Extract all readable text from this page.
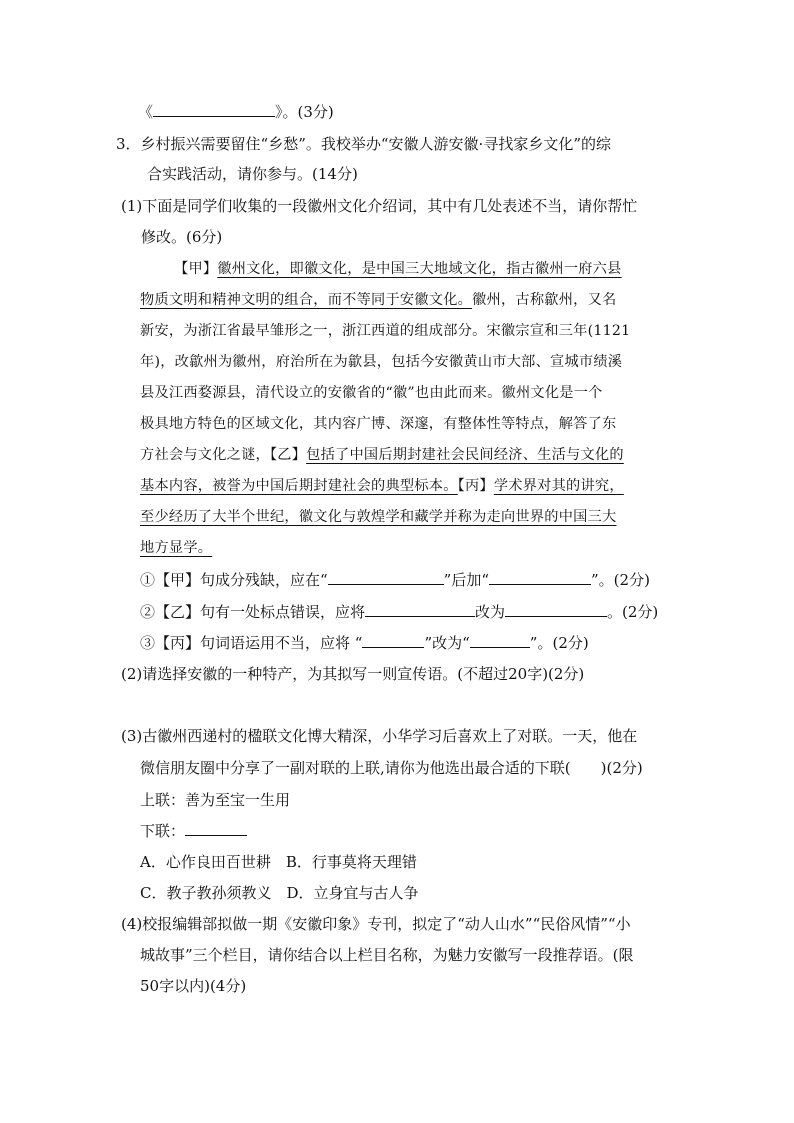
《	》。(3分)
3．乡村振兴需要留住“乡愁”。我校举办“安徽人游安徽·寻找家乡文化”的综
合实践活动，请你参与。(14分)
(1)下面是同学们收集的一段徽州文化介绍词，其中有几处表述不当，请你帮忙
修改。(6分)
【甲】徽州文化，即徽文化，是中国三大地域文化，指古徽州一府六县
物质文明和精神文明的组合，而不等同于安徽文化。徽州，古称歙州，又名
新安，为浙江省最早雏形之一，浙江西道的组成部分。宋徽宗宣和三年(1121
年)，改歙州为徽州，府治所在为歙县，包括今安徽黄山市大部、宣城市绩溪
县及江西婺源县，清代设立的安徽省的“徽”也由此而来。徽州文化是一个
极具地方特色的区域文化，其内容广博、深邃，有整体性等特点，解答了东
方社会与文化之谜，【乙】包括了中国后期封建社会民间经济、生活与文化的
基本内容，被誉为中国后期封建社会的典型标本。【丙】学术界对其的讲究，
至少经历了大半个世纪，徽文化与敦煌学和藏学并称为走向世界的中国三大
地方显学。
①【甲】句成分残缺，应在“	”后加“	”。(2分)
②【乙】句有一处标点错误，应将	改为	。(2分)
③【丙】句词语运用不当，应将 “	”改为“	”。(2分)
(2)请选择安徽的一种特产，为其拟写一则宣传语。(不超过20字)(2分)
(3)古徽州西递村的楹联文化博大精深，小华学习后喜欢上了对联。一天，他在
微信朋友圈中分享了一副对联的上联,请你为他选出最合适的下联(　　)(2分)
上联：善为至宝一生用
下联：
A．心作良田百世耕　B．行事莫将天理错
C．教子教孙须教义　D．立身宜与古人争
(4)校报编辑部拟做一期《安徽印象》专刊，拟定了“动人山水”“民俗风情”“小
城故事”三个栏目，请你结合以上栏目名称，为魅力安徽写一段推荐语。(限
50字以内)(4分)
